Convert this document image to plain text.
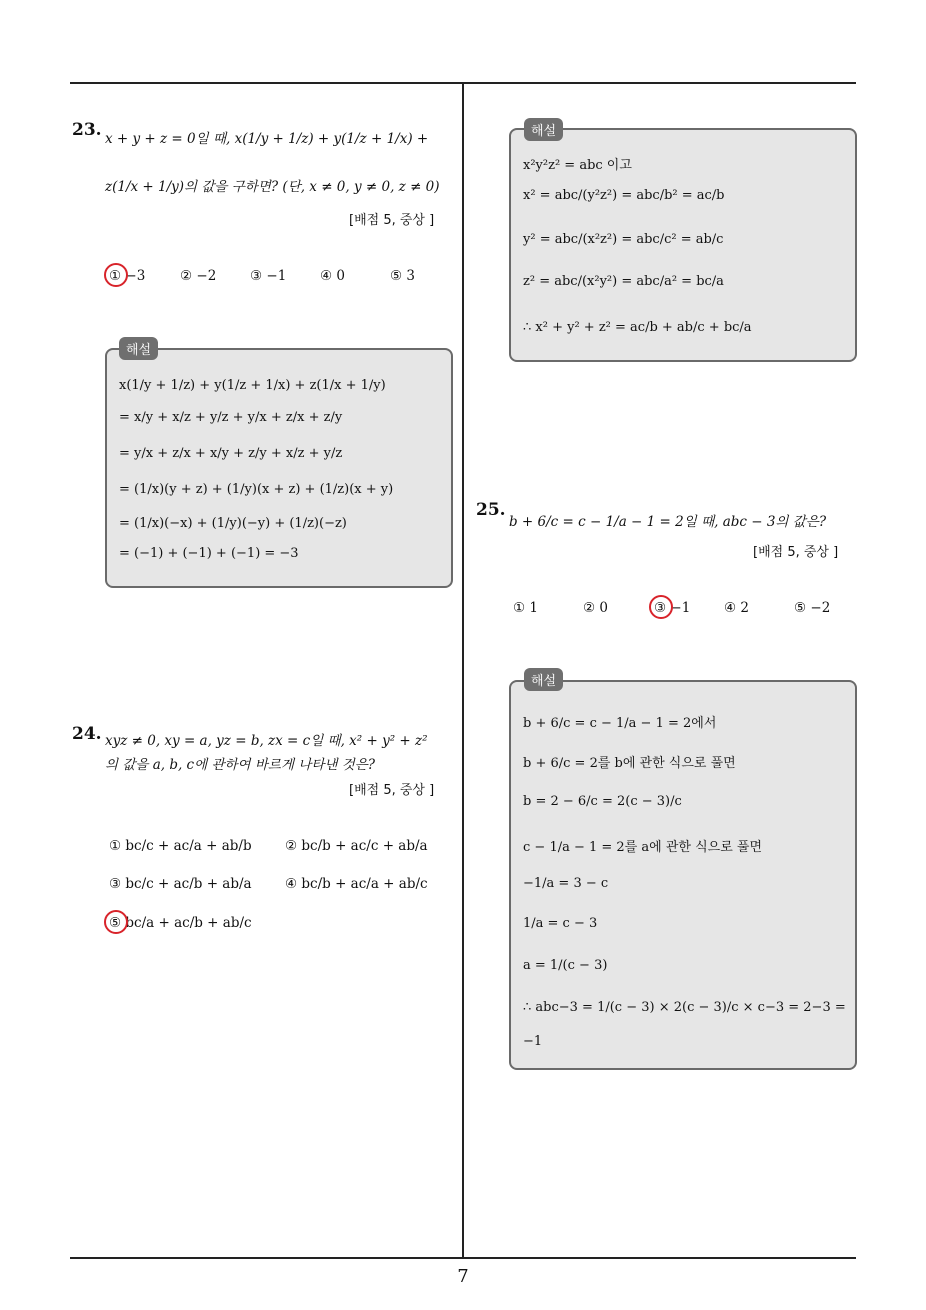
23. x + y + z = 0일 때, x(1/y + 1/z) + y(1/z + 1/x) +
z(1/x + 1/y)의 값을 구하면? (단, x ≠ 0, y ≠ 0, z ≠ 0)
[배점 5, 중상 ]
① −3	② −2 ③ −1 ④ 0	⑤ 3
x(1/y + 1/z) + y(1/z + 1/x) + z(1/x + 1/y)
= x/y + x/z + y/z + y/x + z/x + z/y
= y/x + z/x + x/y + z/y + x/z + y/z
= (1/x)(y + z) + (1/y)(x + z) + (1/z)(x + y)
= (1/x)(−x) + (1/y)(−y) + (1/z)(−z)
= (−1) + (−1) + (−1) = −3
해설
24. xyz ≠ 0, xy = a, yz = b, zx = c일 때, x² + y² + z²
의 값을 a, b, c에 관하여 바르게 나타낸 것은?
[배점 5, 중상 ]
① bc/c + ac/a + ab/b ② bc/b + ac/c + ab/a
③ bc/c + ac/b + ab/a ④ bc/b + ac/a + ab/c
⑤ bc/a + ac/b + ab/c
x²y²z² = abc 이고
x² = abc/(y²z²) = abc/b² = ac/b
y² = abc/(x²z²) = abc/c² = ab/c
z² = abc/(x²y²) = abc/a² = bc/a
∴ x² + y² + z² = ac/b + ab/c + bc/a
해설
25.
b + 6/c = c − 1/a − 1 = 2일 때, abc − 3의 값은?
[배점 5, 중상 ]
① 1	② 0	③ −1 ④ 2	⑤ −2
b + 6/c = c − 1/a − 1 = 2에서
b + 6/c = 2를 b에 관한 식으로 풀면
b = 2 − 6/c = 2(c − 3)/c
c − 1/a − 1 = 2를 a에 관한 식으로 풀면
−1/a = 3 − c
1/a = c − 3
a = 1/(c − 3)
∴ abc−3 = 1/(c − 3) × 2(c − 3)/c × c−3 = 2−3 =
−1
해설
7
